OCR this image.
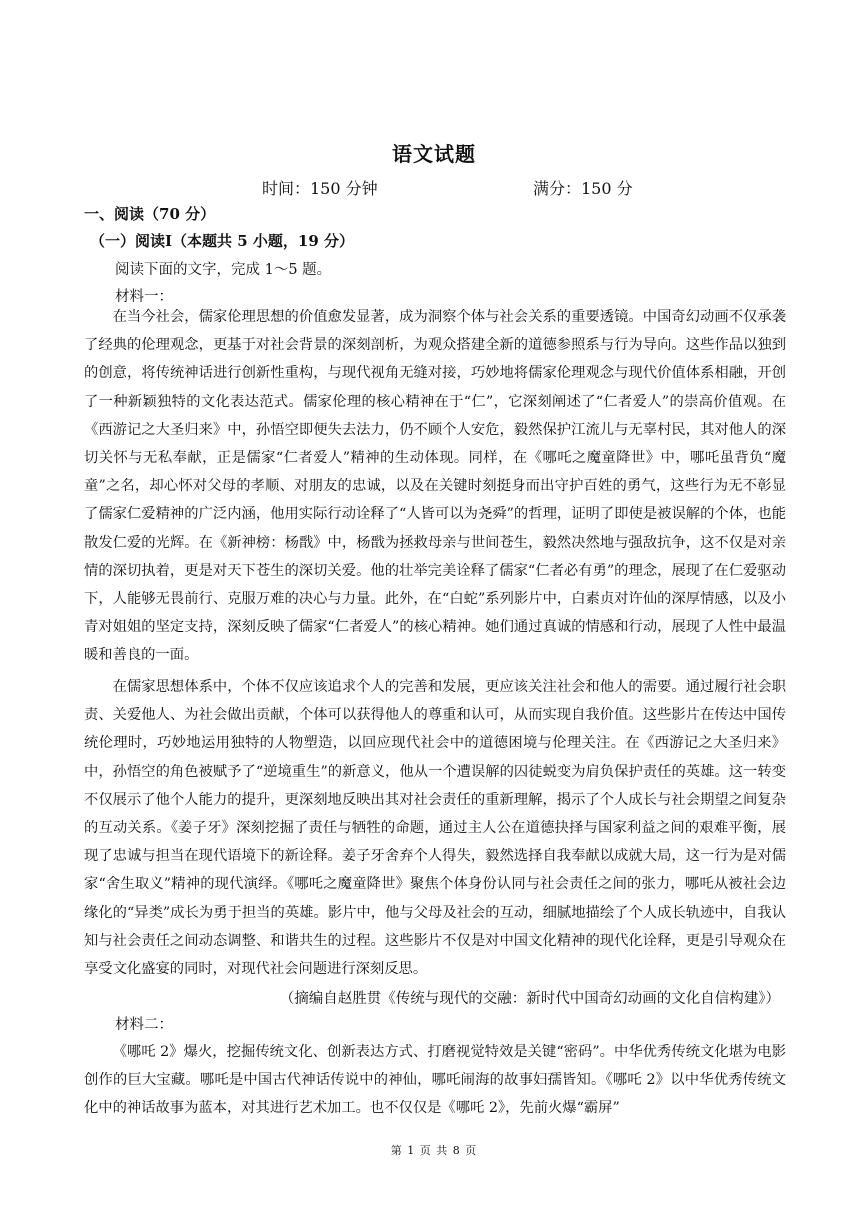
语文试题
时间：150 分钟	满分：150 分
一、阅读（70 分）
（一）阅读Ⅰ（本题共 5 小题，19 分）
阅读下面的文字，完成 1～5 题。
材料一：

在当今社会，儒家伦理思想的价值愈发显著，成为洞察个体与社会关系的重要透镜。中国奇幻动画不仅承袭了经典的伦理观念，更基于对社会背景的深刻剖析，为观众搭建全新的道德参照系与行为导向。这些作品以独到的创意，将传统神话进行创新性重构，与现代视角无缝对接，巧妙地将儒家伦理观念与现代价值体系相融，开创了一种新颖独特的文化表达范式。儒家伦理的核心精神在于“仁”，它深刻阐述了“仁者爱人”的崇高价值观。在《西游记之大圣归来》中，孙悟空即便失去法力，仍不顾个人安危，毅然保护江流儿与无辜村民，其对他人的深切关怀与无私奉献，正是儒家“仁者爱人”精神的生动体现。同样，在《哪吒之魔童降世》中，哪吒虽背负“魔童”之名，却心怀对父母的孝顺、对朋友的忠诚，以及在关键时刻挺身而出守护百姓的勇气，这些行为无不彰显了儒家仁爱精神的广泛内涵，他用实际行动诠释了“人皆可以为尧舜”的哲理，证明了即使是被误解的个体，也能散发仁爱的光辉。在《新神榜：杨戬》中，杨戬为拯救母亲与世间苍生，毅然决然地与强敌抗争，这不仅是对亲情的深切执着，更是对天下苍生的深切关爱。他的壮举完美诠释了儒家“仁者必有勇”的理念，展现了在仁爱驱动下，人能够无畏前行、克服万难的决心与力量。此外，在“白蛇”系列影片中，白素贞对许仙的深厚情感，以及小青对姐姐的坚定支持，深刻反映了儒家“仁者爱人”的核心精神。她们通过真诚的情感和行动，展现了人性中最温暖和善良的一面。

在儒家思想体系中，个体不仅应该追求个人的完善和发展，更应该关注社会和他人的需要。通过履行社会职责、关爱他人、为社会做出贡献，个体可以获得他人的尊重和认可，从而实现自我价值。这些影片在传达中国传统伦理时，巧妙地运用独特的人物塑造，以回应现代社会中的道德困境与伦理关注。在《西游记之大圣归来》中，孙悟空的角色被赋予了“逆境重生”的新意义，他从一个遭误解的囚徒蜕变为肩负保护责任的英雄。这一转变不仅展示了他个人能力的提升，更深刻地反映出其对社会责任的重新理解，揭示了个人成长与社会期望之间复杂的互动关系。《姜子牙》深刻挖掘了责任与牺牲的命题，通过主人公在道德抉择与国家利益之间的艰难平衡，展现了忠诚与担当在现代语境下的新诠释。姜子牙舍弃个人得失，毅然选择自我奉献以成就大局，这一行为是对儒家“舍生取义”精神的现代演绎。《哪吒之魔童降世》聚焦个体身份认同与社会责任之间的张力，哪吒从被社会边缘化的“异类”成长为勇于担当的英雄。影片中，他与父母及社会的互动，细腻地描绘了个人成长轨迹中，自我认知与社会责任之间动态调整、和谐共生的过程。这些影片不仅是对中国文化精神的现代化诠释，更是引导观众在享受文化盛宴的同时，对现代社会问题进行深刻反思。

（摘编自赵胜贯《传统与现代的交融：新时代中国奇幻动画的文化自信构建》）
材料二：

《哪吒 2》爆火，挖掘传统文化、创新表达方式、打磨视觉特效是关键“密码”。中华优秀传统文化堪为电影创作的巨大宝藏。哪吒是中国古代神话传说中的神仙，哪吒闹海的故事妇孺皆知。《哪吒 2》以中华优秀传统文化中的神话故事为蓝本，对其进行艺术加工。也不仅仅是《哪吒 2》，先前火爆“霸屏”

第 1 页 共 8 页
